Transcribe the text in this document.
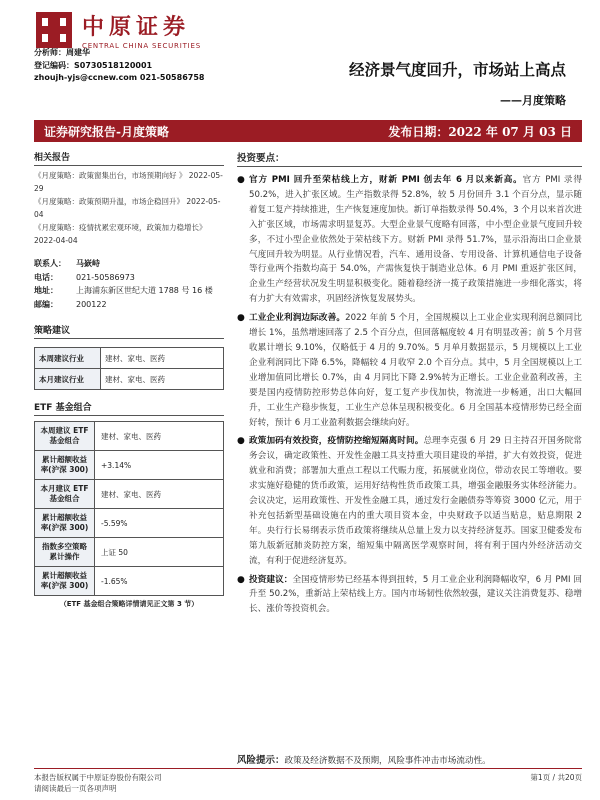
中原证券
CENTRAL CHINA SECURITIES
分析师：周建华
登记编码：S0730518120001
zhoujh-yjs@ccnew.com 021-50586758	经济景气度回升，市场站上高点
——月度策略
证券研究报告-月度策略	发布日期：2022 年 07 月 03 日
相关报告
《月度策略：政策窗集出台，市场预期向好 》 2022-05-29
《月度策略：政策预期升温，市场企稳回升》 2022-05-04
《月度策略：疫情扰累宏观环境，政策加力稳增长》 2022-04-04
联系人：	马嶔峙
电话：	021-50586973
地址：	上海浦东新区世纪大道 1788 号 16 楼
邮编：	200122
策略建议
本周建议行业	建材、家电、医药
本月建议行业	建材、家电、医药
ETF 基金组合
本周建议 ETF 基金组合	建材、家电、医药
累计超额收益率(沪深 300)	+3.14%
本月建议 ETF 基金组合	建材、家电、医药
累计超额收益率(沪深 300)	-5.59%
指数多空策略累计操作	上证 50
累计超额收益率(沪深 300)	-1.65%
（ETF 基金组合策略详情请见正文第 3 节）
投资要点：
● 官方 PMI 回升至荣枯线上方，财新 PMI 创去年 6 月以来新高。官方 PMI 录得 50.2%，进入扩张区域。生产指数录得 52.8%，较 5 月份回升 3.1 个百分点，显示随着复工复产持续推进，生产恢复速度加快。新订单指数录得 50.4%，3 个月以来首次进入扩张区域，市场需求明显复苏。大型企业景气度略有回落，中小型企业景气度回升较多，不过小型企业依然处于荣枯线下方。财新 PMI 录得 51.7%，显示沿海出口企业景气度回升较为明显。从行业情况看，汽车、通用设备、专用设备、计算机通信电子设备等行业两个指数均高于 54.0%，产需恢复快于制造业总体。6 月 PMI 重返扩张区间，企业生产经营状况发生明显积极变化。随着稳经济一揽子政策措施进一步细化落实，将有力扩大有效需求，巩固经济恢复发展势头。
● 工业企业利润边际改善。2022 年前 5 个月，全国规模以上工业企业实现利润总额同比增长 1%，虽然增速回落了 2.5 个百分点，但回落幅度较 4 月有明显改善；前 5 个月营收累计增长 9.10%，仅略低于 4 月的 9.70%。5 月单月数据显示，5 月规模以上工业企业利润同比下降 6.5%，降幅较 4 月收窄 2.0 个百分点。其中，5 月全国规模以上工业增加值同比增长 0.7%，由 4 月同比下降 2.9%转为正增长。工业企业盈利改善，主要是国内疫情防控形势总体向好，复工复产步伐加快，物流进一步畅通，出口大幅回升，工业生产稳步恢复，工业生产总体呈现积极变化。6 月全国基本疫情形势已经全面好转，预计 6 月工业盈利数据会继续向好。
● 政策加码有效投资，疫情防控缩短隔离时间。总理李克强 6 月 29 日主持召开国务院常务会议，确定政策性、开发性金融工具支持重大项目建设的举措，扩大有效投资，促进就业和消费；部署加大重点工程以工代赈力度，拓展就业岗位，带动农民工等增收。要求实施好稳健的货币政策，运用好结构性货币政策工具，增强金融服务实体经济能力。会议决定，运用政策性、开发性金融工具，通过发行金融债券等筹资 3000 亿元，用于补充包括新型基础设施在内的重大项目资本金，中央财政予以适当贴息，贴息期限 2 年。央行行长易纲表示货币政策将继续从总量上发力以支持经济复苏。国家卫健委发布第九版新冠肺炎防控方案，缩短集中隔离医学观察时间，将有利于国内外经济活动交流，有利于促进经济复苏。
● 投资建议：全国疫情形势已经基本得到扭转，5 月工业企业利润降幅收窄，6 月 PMI 回升至 50.2%，重新站上荣枯线上方。国内市场韧性依然较强，建议关注消费复苏、稳增长、涨价等投资机会。
风险提示：政策及经济数据不及预期，风险事件冲击市场流动性。
本报告版权属于中原证券股份有限公司
请阅读最后一页各项声明
第1页 / 共20页
